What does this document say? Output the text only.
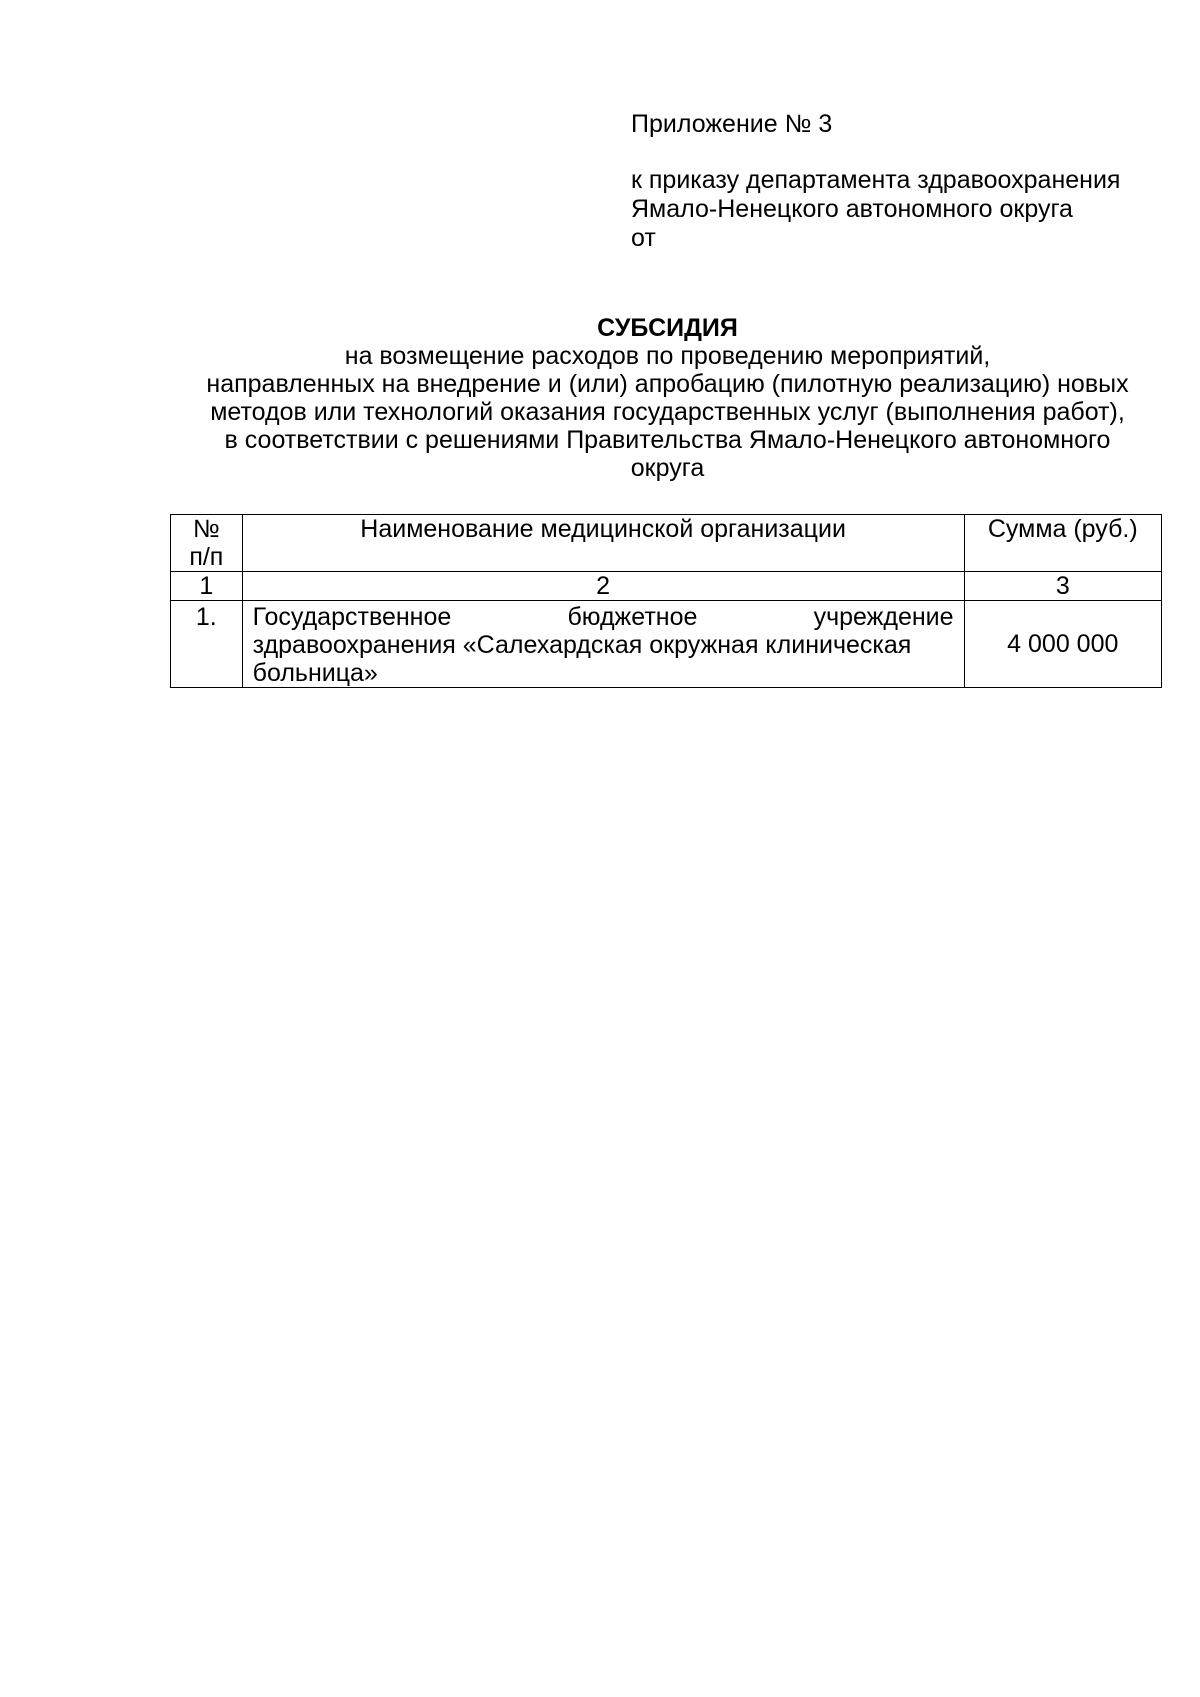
Приложение № 3
к приказу департамента здравоохранения
Ямало-Ненецкого автономного округа
от
СУБСИДИЯ
на возмещение расходов по проведению мероприятий,
направленных на внедрение и (или) апробацию (пилотную реализацию) новых
методов или технологий оказания государственных услуг (выполнения работ),
в соответствии с решениями Правительства Ямало-Ненецкого автономного
округа
№
п/п	Наименование медицинской организации	Сумма (руб.)
1	2	3
1.	Государственное бюджетное учреждение
здравоохранения «Салехардская окружная клиническая
больница»	4 000 000
